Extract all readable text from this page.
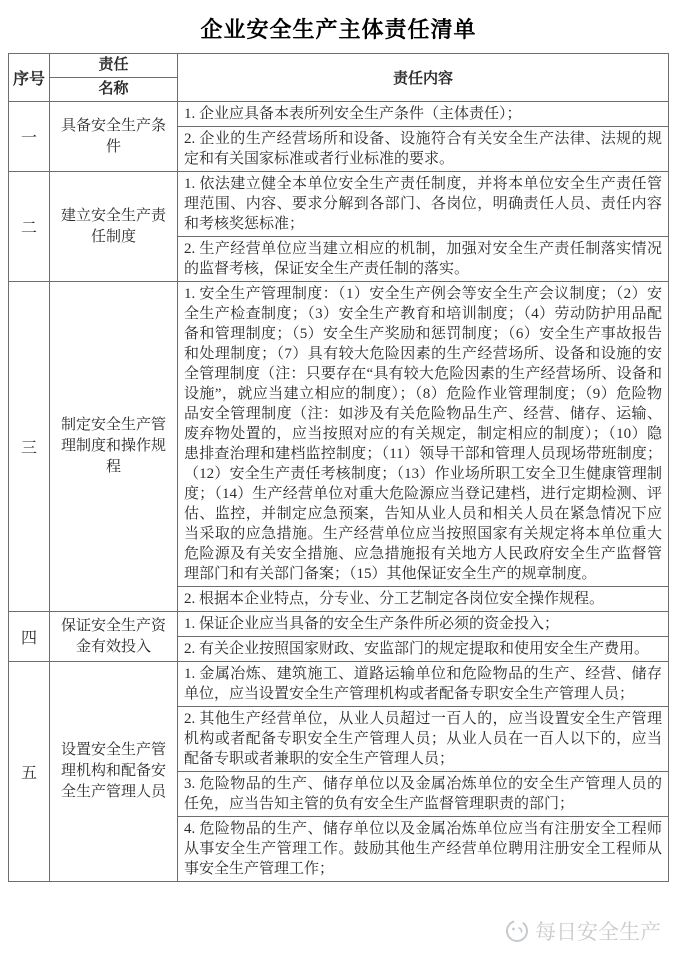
企业安全生产主体责任清单
序号
责任
名称
责任内容
一
具备安全生产条件
1. 企业应具备本表所列安全生产条件（主体责任）；
2. 企业的生产经营场所和设备、设施符合有关安全生产法律、法规的规定和有关国家标准或者行业标准的要求。
二
建立安全生产责任制度
1. 依法建立健全本单位安全生产责任制度，并将本单位安全生产责任管理范围、内容、要求分解到各部门、各岗位，明确责任人员、责任内容和考核奖惩标准；
2. 生产经营单位应当建立相应的机制，加强对安全生产责任制落实情况的监督考核，保证安全生产责任制的落实。
三
制定安全生产管理制度和操作规程
1. 安全生产管理制度：（1）安全生产例会等安全生产会议制度；（2）安全生产检查制度；（3）安全生产教育和培训制度；（4）劳动防护用品配备和管理制度；（5）安全生产奖励和惩罚制度；（6）安全生产事故报告和处理制度；（7）具有较大危险因素的生产经营场所、设备和设施的安全管理制度（注：只要存在“具有较大危险因素的生产经营场所、设备和设施”，就应当建立相应的制度）；（8）危险作业管理制度；（9）危险物品安全管理制度（注：如涉及有关危险物品生产、经营、储存、运输、废弃物处置的，应当按照对应的有关规定，制定相应的制度）；（10）隐患排查治理和建档监控制度；（11）领导干部和管理人员现场带班制度；（12）安全生产责任考核制度；（13）作业场所职工安全卫生健康管理制度；（14）生产经营单位对重大危险源应当登记建档，进行定期检测、评估、监控，并制定应急预案，告知从业人员和相关人员在紧急情况下应当采取的应急措施。生产经营单位应当按照国家有关规定将本单位重大危险源及有关安全措施、应急措施报有关地方人民政府安全生产监督管理部门和有关部门备案；（15）其他保证安全生产的规章制度。
2. 根据本企业特点，分专业、分工艺制定各岗位安全操作规程。
四
保证安全生产资金有效投入
1. 保证企业应当具备的安全生产条件所必须的资金投入；
2. 有关企业按照国家财政、安监部门的规定提取和使用安全生产费用。
五
设置安全生产管理机构和配备安全生产管理人员
1. 金属冶炼、建筑施工、道路运输单位和危险物品的生产、经营、储存单位，应当设置安全生产管理机构或者配备专职安全生产管理人员；
2. 其他生产经营单位，从业人员超过一百人的，应当设置安全生产管理机构或者配备专职安全生产管理人员；从业人员在一百人以下的，应当配备专职或者兼职的安全生产管理人员；
3. 危险物品的生产、储存单位以及金属冶炼单位的安全生产管理人员的任免，应当告知主管的负有安全生产监督管理职责的部门；
4. 危险物品的生产、储存单位以及金属冶炼单位应当有注册安全工程师从事安全生产管理工作。鼓励其他生产经营单位聘用注册安全工程师从事安全生产管理工作；
每日安全生产
